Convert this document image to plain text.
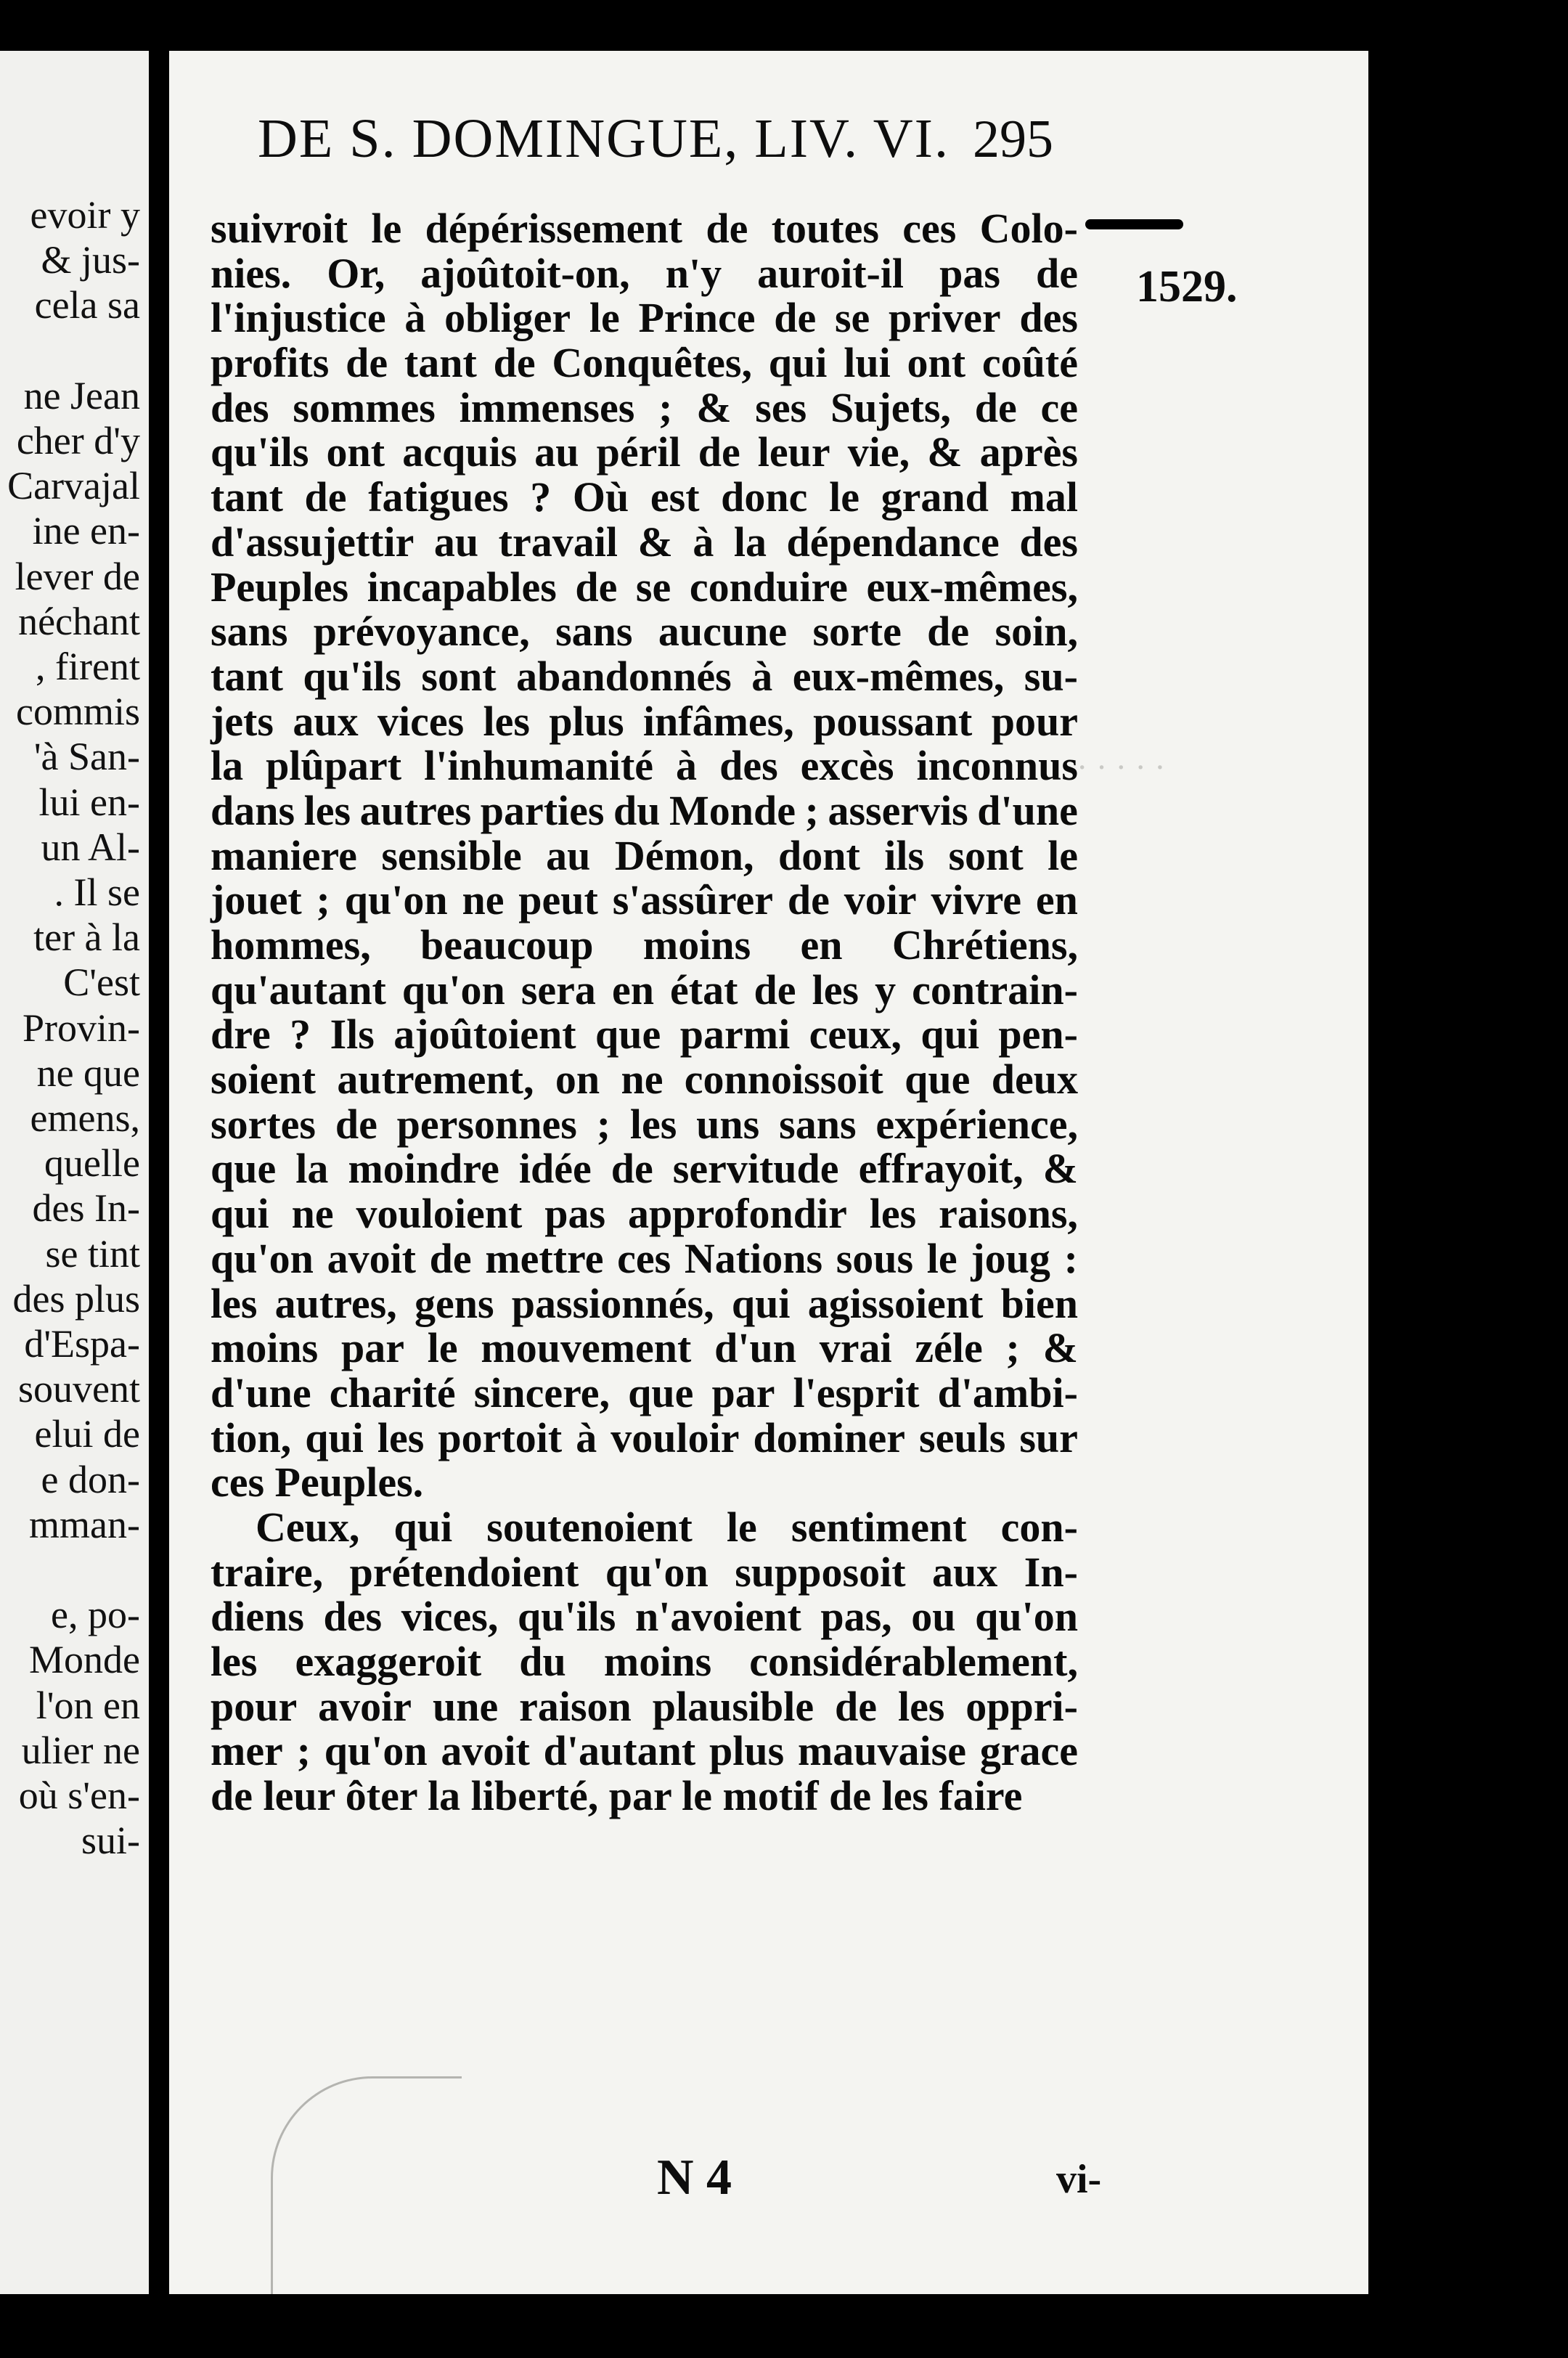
evoir y
& jus-
cela sa
ne Jean
cher d'y
Carvajal
ine en-
lever de
néchant
, firent
commis
'à San-
lui en-
un Al-
. Il se
ter à la
C'est
Provin-
ne que
emens,
quelle
des In-
se tint
des plus
d'Espa-
souvent
elui de
e don-
mman-
e, po-
Monde
l'on en
ulier ne
où s'en-
sui-
· · · · ·
DE S. DOMINGUE, LIV. VI. 295
1529.
suivroit le dépérissement de toutes ces Colo-
nies. Or, ajoûtoit-on, n'y auroit-il pas de
l'injustice à obliger le Prince de se priver des
profits de tant de Conquêtes, qui lui ont coûté
des sommes immenses ; & ses Sujets, de ce
qu'ils ont acquis au péril de leur vie, & après
tant de fatigues ? Où est donc le grand mal
d'assujettir au travail & à la dépendance des
Peuples incapables de se conduire eux-mêmes,
sans prévoyance, sans aucune sorte de soin,
tant qu'ils sont abandonnés à eux-mêmes, su-
jets aux vices les plus infâmes, poussant pour
la plûpart l'inhumanité à des excès inconnus
dans les autres parties du Monde ; asservis d'une
maniere sensible au Démon, dont ils sont le
jouet ; qu'on ne peut s'assûrer de voir vivre en
hommes, beaucoup moins en Chrétiens,
qu'autant qu'on sera en état de les y contrain-
dre ? Ils ajoûtoient que parmi ceux, qui pen-
soient autrement, on ne connoissoit que deux
sortes de personnes ; les uns sans expérience,
que la moindre idée de servitude effrayoit, &
qui ne vouloient pas approfondir les raisons,
qu'on avoit de mettre ces Nations sous le joug :
les autres, gens passionnés, qui agissoient bien
moins par le mouvement d'un vrai zéle ; &
d'une charité sincere, que par l'esprit d'ambi-
tion, qui les portoit à vouloir dominer seuls sur
ces Peuples.
Ceux, qui soutenoient le sentiment con-
traire, prétendoient qu'on supposoit aux In-
diens des vices, qu'ils n'avoient pas, ou qu'on
les exaggeroit du moins considérablement,
pour avoir une raison plausible de les oppri-
mer ; qu'on avoit d'autant plus mauvaise grace
de leur ôter la liberté, par le motif de les faire
N 4	vi-
